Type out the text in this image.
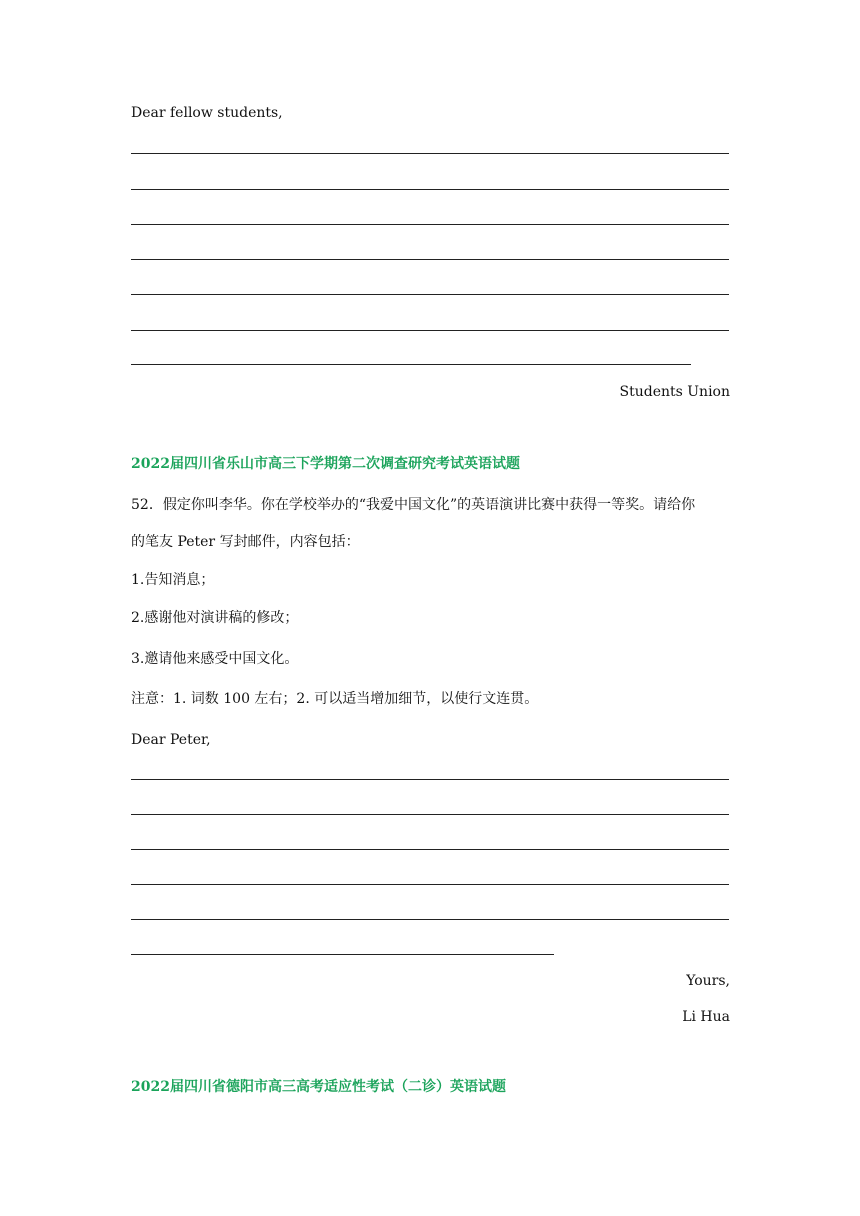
Dear fellow students,
Students Union
2022届四川省乐山市高三下学期第二次调查研究考试英语试题
52．假定你叫李华。你在学校举办的“我爱中国文化”的英语演讲比赛中获得一等奖。请给你
的笔友 Peter 写封邮件，内容包括：
1.告知消息；
2.感谢他对演讲稿的修改；
3.邀请他来感受中国文化。
注意：1. 词数 100 左右；2. 可以适当增加细节，以使行文连贯。
Dear Peter,
Yours,
Li Hua
2022届四川省德阳市高三高考适应性考试（二诊）英语试题
